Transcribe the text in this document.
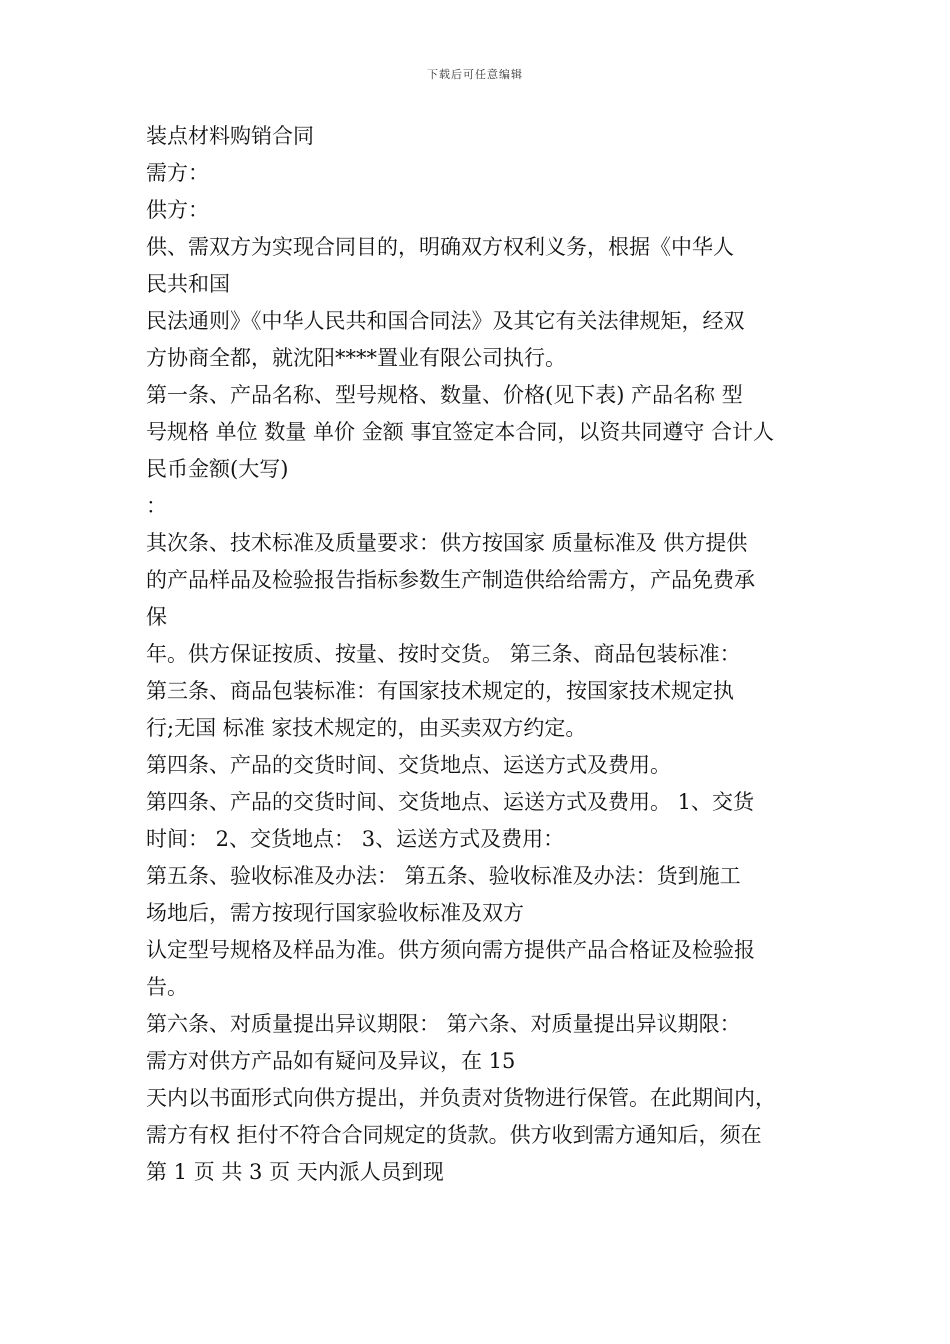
下载后可任意编辑
装点材料购销合同
需方：
供方：
供、需双方为实现合同目的，明确双方权利义务，根据《中华人
民共和国
民法通则》《中华人民共和国合同法》及其它有关法律规矩，经双
方协商全都，就沈阳****置业有限公司执行。
第一条、产品名称、型号规格、数量、价格(见下表) 产品名称 型
号规格 单位 数量 单价 金额 事宜签定本合同，以资共同遵守 合计人
民币金额(大写)
：
其次条、技术标准及质量要求：供方按国家 质量标准及 供方提供
的产品样品及检验报告指标参数生产制造供给给需方，产品免费承
保
年。供方保证按质、按量、按时交货。 第三条、商品包装标准：
第三条、商品包装标准：有国家技术规定的，按国家技术规定执
行;无国 标准 家技术规定的，由买卖双方约定。
第四条、产品的交货时间、交货地点、运送方式及费用。
第四条、产品的交货时间、交货地点、运送方式及费用。 1、交货
时间： 2、交货地点： 3、运送方式及费用：
第五条、验收标准及办法： 第五条、验收标准及办法：货到施工
场地后，需方按现行国家验收标准及双方
认定型号规格及样品为准。供方须向需方提供产品合格证及检验报
告。
第六条、对质量提出异议期限： 第六条、对质量提出异议期限：
需方对供方产品如有疑问及异议，在 15
天内以书面形式向供方提出，并负责对货物进行保管。在此期间内，
需方有权 拒付不符合合同规定的货款。供方收到需方通知后，须在
第 1 页 共 3 页 天内派人员到现
